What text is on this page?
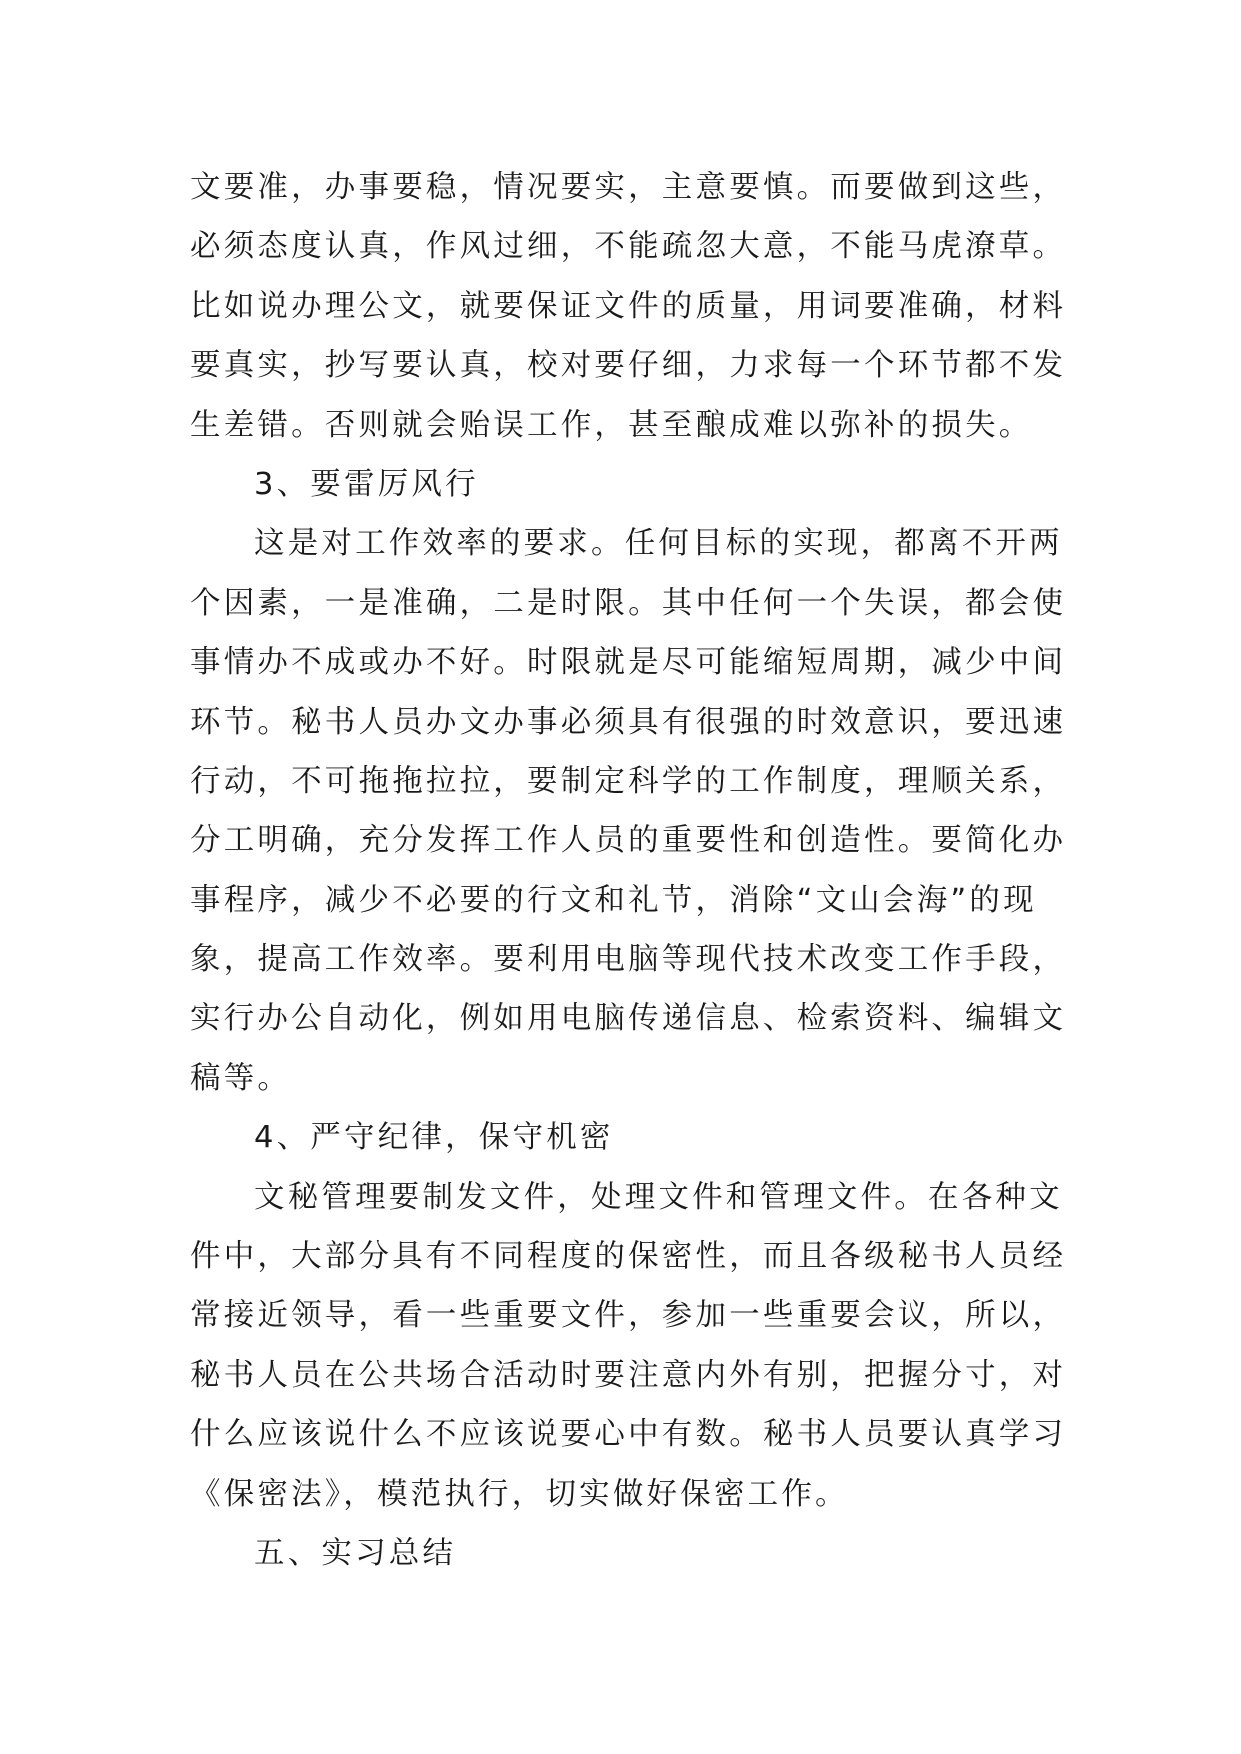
文要准，办事要稳，情况要实，主意要慎。而要做到这些，
必须态度认真，作风过细，不能疏忽大意，不能马虎潦草。
比如说办理公文，就要保证文件的质量，用词要准确，材料
要真实，抄写要认真，校对要仔细，力求每一个环节都不发
生差错。否则就会贻误工作，甚至酿成难以弥补的损失。
3、要雷厉风行
这是对工作效率的要求。任何目标的实现，都离不开两
个因素，一是准确，二是时限。其中任何一个失误，都会使
事情办不成或办不好。时限就是尽可能缩短周期，减少中间
环节。秘书人员办文办事必须具有很强的时效意识，要迅速
行动，不可拖拖拉拉，要制定科学的工作制度，理顺关系，
分工明确，充分发挥工作人员的重要性和创造性。要简化办
事程序，减少不必要的行文和礼节，消除“文山会海”的现
象，提高工作效率。要利用电脑等现代技术改变工作手段，
实行办公自动化，例如用电脑传递信息、检索资料、编辑文
稿等。
4、严守纪律，保守机密
文秘管理要制发文件，处理文件和管理文件。在各种文
件中，大部分具有不同程度的保密性，而且各级秘书人员经
常接近领导，看一些重要文件，参加一些重要会议，所以，
秘书人员在公共场合活动时要注意内外有别，把握分寸，对
什么应该说什么不应该说要心中有数。秘书人员要认真学习
《保密法》，模范执行，切实做好保密工作。
五、实习总结
